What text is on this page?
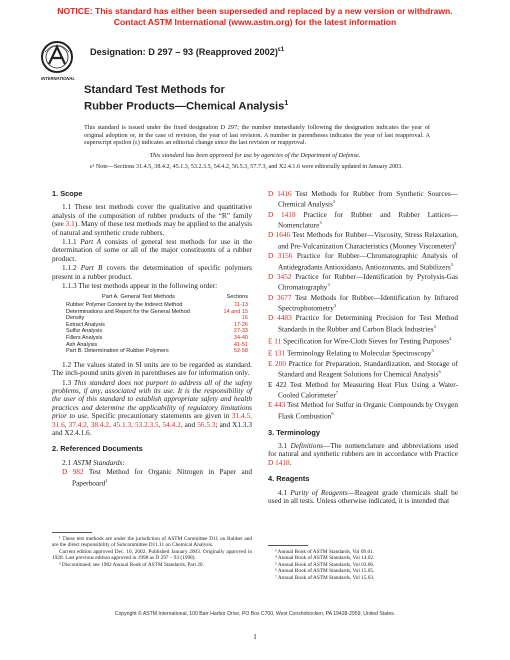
NOTICE: This standard has either been superseded and replaced by a new version or withdrawn.
Contact ASTM International (www.astm.org) for the latest information
INTERNATIONAL
Designation: D 297 – 93 (Reapproved 2002)$^{\varepsilon 1}$
Standard Test Methods for
Rubber Products—Chemical Analysis$^1$
This standard is issued under the fixed designation D 297; the number immediately following the designation indicates the year of original adoption or, in the case of revision, the year of last revision. A number in parentheses indicates the year of last reapproval. A superscript epsilon (ε) indicates an editorial change since the last revision or reapproval.
This standard has been approved for use by agencies of the Department of Defense.
ε¹ Note—Sections 31.4.5, 38.4.2, 45.1.3, 53.2.3.5, 54.4.2, 56.5.3, 57.7.3, and X2.4.1.6 were editorially updated in January 2003.
1. Scope
1.1 These test methods cover the qualitative and quantitative analysis of the composition of rubber products of the “R” family (see 3.1). Many of these test methods may be applied to the analysis of natural and synthetic crude rubbers.
1.1.1 Part A consists of general test methods for use in the determination of some or all of the major constituents of a rubber product.
1.1.2 Part B covers the determination of specific polymers present in a rubber product.
1.1.3 The test methods appear in the following order:
Part A. General Test Methods	Sections
Rubber Polymer Content by the Indirect Method	11-13
Determinations and Report for the General Method	14 and 15
Density	16
Extract Analysis	17-26
Sulfur Analysis	27-33
Fillers Analysis	34-40
Ash Analysis	41-51
Part B. Determination of Rubber Polymers	52-58
1.2 The values stated in SI units are to be regarded as standard. The inch-pound units given in parentheses are for information only.
1.3 This standard does not purport to address all of the safety problems, if any, associated with its use. It is the responsibility of the user of this standard to establish appropriate safety and health practices and determine the applicability of regulatory limitations prior to use. Specific precautionary statements are given in 31.4.5, 31.6, 37.4.2, 38.4.2, 45.1.3, 53.2.3.5, 54.4.2, and 56.5.3; and X1.3.3 and X2.4.1.6.
2. Referenced Documents
2.1 ASTM Standards:
D 982 Test Method for Organic Nitrogen in Paper and Paperboard$^2$
D 1416 Test Methods for Rubber from Synthetic Sources—Chemical Analysis$^3$
D 1418 Practice for Rubber and Rubber Lattices—Nomenclature$^3$
D 1646 Test Methods for Rubber—Viscosity, Stress Relaxation, and Pre-Vulcanization Characteristics (Mooney Viscometer)$^3$
D 3156 Practice for Rubber—Chromatographic Analysis of Antidegradants Antioxidants, Antiozonants, and Stabilizers$^3$
D 3452 Practice for Rubber—Identification by Pyrolysis-Gas Chromatography$^3$
D 3677 Test Methods for Rubber—Identification by Infrared Spectrophotometry$^3$
D 4483 Practice for Determining Precision for Test Method Standards in the Rubber and Carbon Black Industries$^3$
E 11 Specification for Wire-Cloth Sieves for Testing Purposes$^4$
E 131 Terminology Relating to Molecular Spectroscopy$^5$
E 200 Practice for Preparation, Standardization, and Storage of Standard and Reagent Solutions for Chemical Analysis$^6$
E 422 Test Method for Measuring Heat Flux Using a Water-Cooled Calorimeter$^7$
E 443 Test Method for Sulfur in Organic Compounds by Oxygen Flask Combustion$^6$
3. Terminology
3.1 Definitions—The nomenclature and abbreviations used for natural and synthetic rubbers are in accordance with Practice D 1418.
4. Reagents
4.1 Purity of Reagents—Reagent grade chemicals shall be used in all tests. Unless otherwise indicated, it is intended that
¹ These test methods are under the jurisdiction of ASTM Committee D11 on Rubber and are the direct responsibility of Subcommittee D11.11 on Chemical Analysis.
Current edition approved Dec. 10, 2002. Published January 2003. Originally approved in 1928. Last previous edition approved in 1998 as D 297 – 93 (1998).
² Discontinued; see 1982 Annual Book of ASTM Standards, Part 20.
³ Annual Book of ASTM Standards, Vol 09.01.
⁴ Annual Book of ASTM Standards, Vol 14.02.
⁵ Annual Book of ASTM Standards, Vol 03.06.
⁶ Annual Book of ASTM Standards, Vol 15.05.
⁷ Annual Book of ASTM Standards, Vol 15.03.
Copyright © ASTM International, 100 Barr Harbor Drive, PO Box C700, West Conshohocken, PA 19428-2959, United States.
1
